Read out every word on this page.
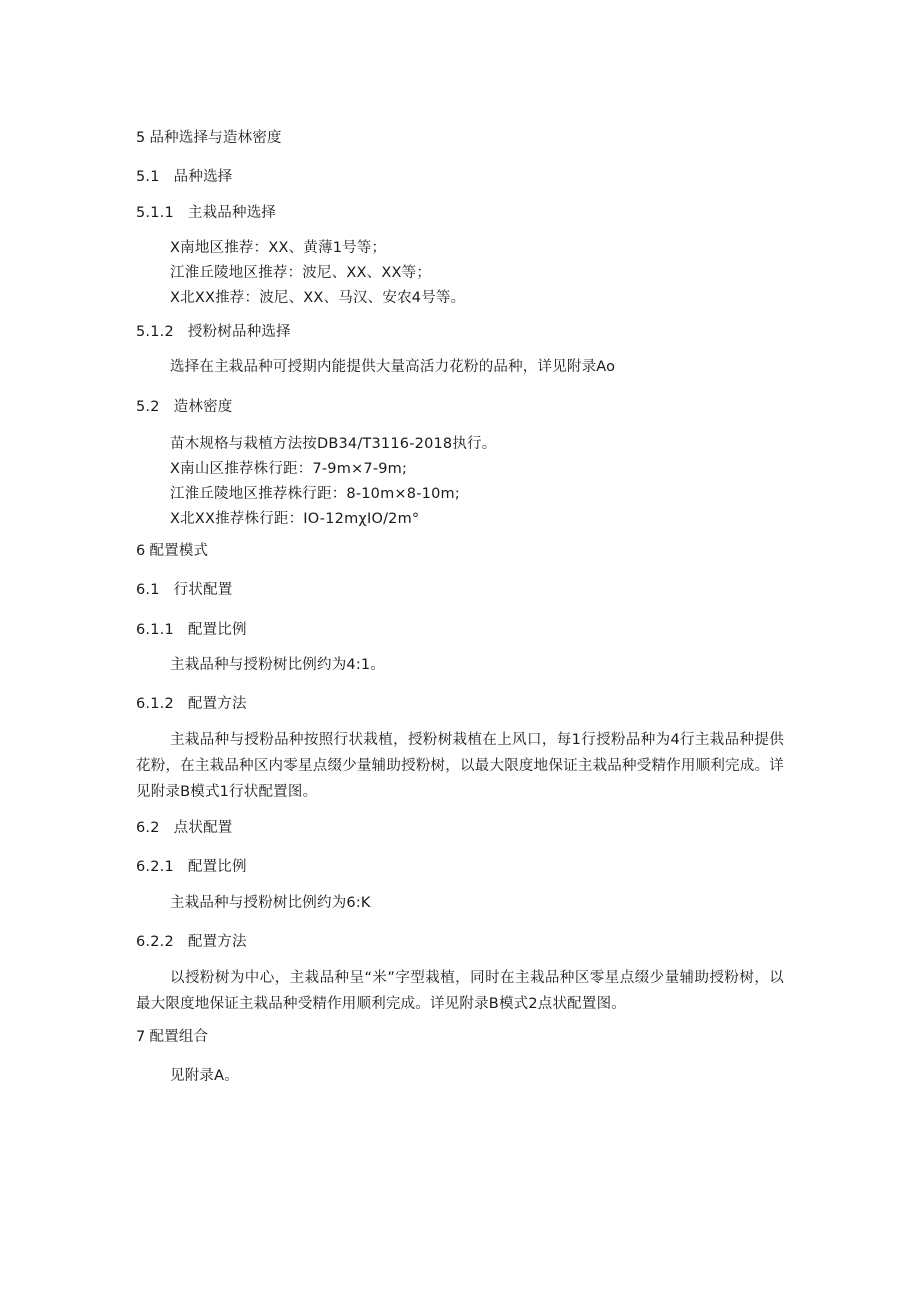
5 品种选择与造林密度
5.1 品种选择
5.1.1 主栽品种选择
X南地区推荐：XX、黄薄1号等；
江淮丘陵地区推荐：波尼、XX、XX等；
X北XX推荐：波尼、XX、马汉、安农4号等。
5.1.2 授粉树品种选择
选择在主栽品种可授期内能提供大量高活力花粉的品种，详见附录Ao
5.2 造林密度
苗木规格与栽植方法按DB34/T3116-2018执行。
X南山区推荐株行距：7-9m×7-9m;
江淮丘陵地区推荐株行距：8-10m×8-10m;
X北XX推荐株行距：IO-12mχIO∕2m°
6 配置模式
6.1 行状配置
6.1.1 配置比例
主栽品种与授粉树比例约为4:1。
6.1.2 配置方法
主栽品种与授粉品种按照行状栽植，授粉树栽植在上风口，每1行授粉品种为4行主栽品种提供花粉，在主栽品种区内零星点缀少量辅助授粉树，以最大限度地保证主栽品种受精作用顺利完成。详见附录B模式1行状配置图。
6.2 点状配置
6.2.1 配置比例
主栽品种与授粉树比例约为6:K
6.2.2 配置方法
以授粉树为中心，主栽品种呈“米”字型栽植，同时在主栽品种区零星点缀少量辅助授粉树，以最大限度地保证主栽品种受精作用顺利完成。详见附录B模式2点状配置图。
7 配置组合
见附录A。
